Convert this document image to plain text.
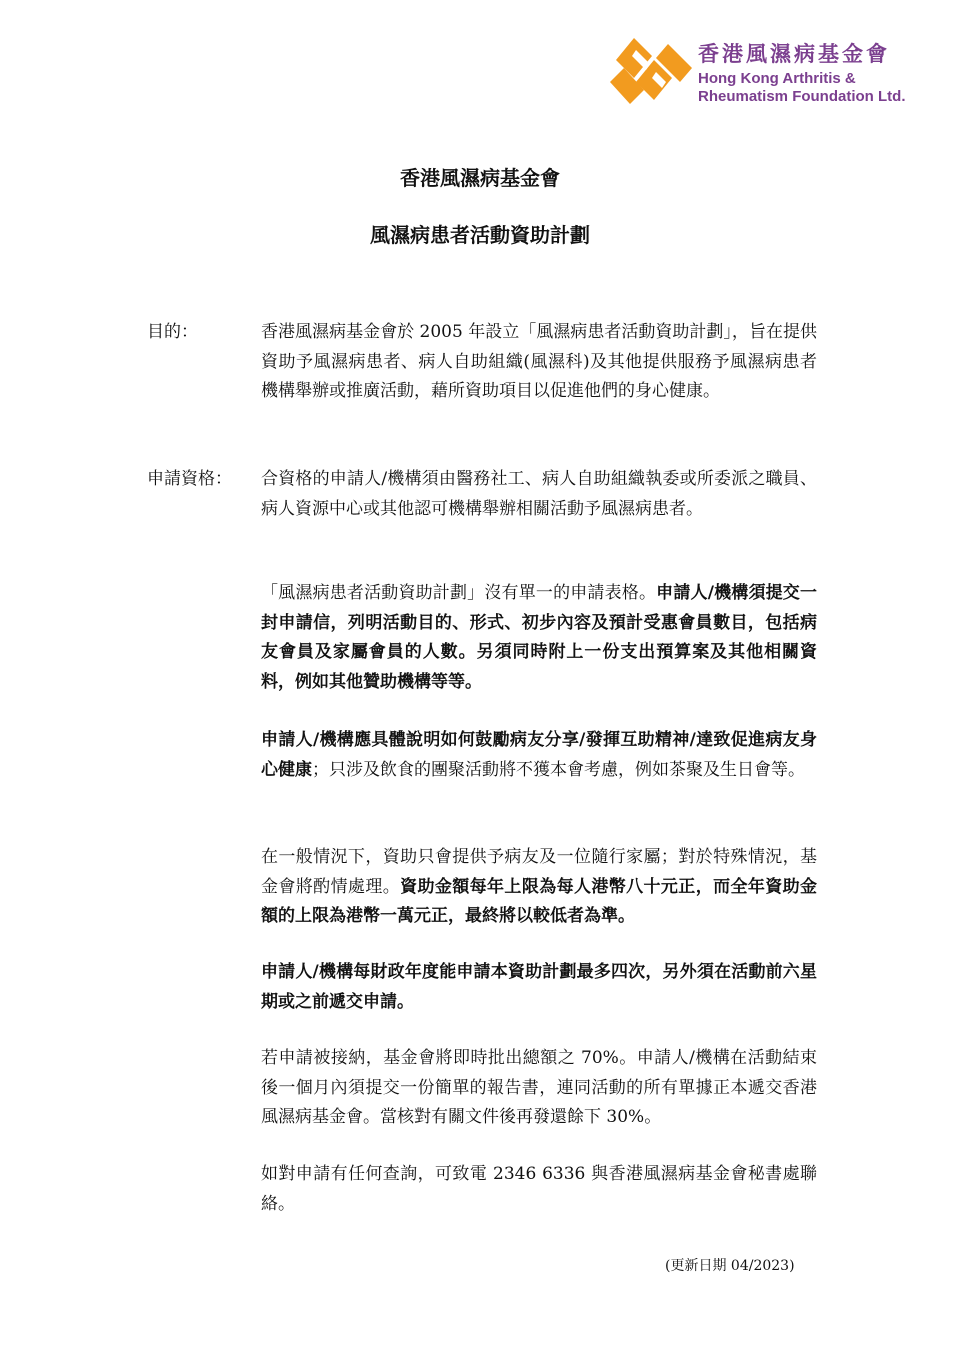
香港風濕病基金會
Hong Kong Arthritis &
Rheumatism Foundation Ltd.
香港風濕病基金會
風濕病患者活動資助計劃
目的：	香港風濕病基金會於 2005 年設立「風濕病患者活動資助計劃」，旨在提供資助予風濕病患者、病人自助組織(風濕科)及其他提供服務予風濕病患者機構舉辦或推廣活動，藉所資助項目以促進他們的身心健康。
申請資格： 合資格的申請人/機構須由醫務社工、病人自助組織執委或所委派之職員、病人資源中心或其他認可機構舉辦相關活動予風濕病患者。
「風濕病患者活動資助計劃」沒有單一的申請表格。申請人/機構須提交一封申請信，列明活動目的、形式、初步內容及預計受惠會員數目，包括病友會員及家屬會員的人數。另須同時附上一份支出預算案及其他相關資料，例如其他贊助機構等等。
申請人/機構應具體說明如何鼓勵病友分享/發揮互助精神/達致促進病友身心健康；只涉及飲食的團聚活動將不獲本會考慮，例如茶聚及生日會等。
在一般情況下，資助只會提供予病友及一位隨行家屬；對於特殊情況，基金會將酌情處理。資助金額每年上限為每人港幣八十元正，而全年資助金額的上限為港幣一萬元正，最終將以較低者為準。
申請人/機構每財政年度能申請本資助計劃最多四次，另外須在活動前六星期或之前遞交申請。
若申請被接納，基金會將即時批出總額之 70%。申請人/機構在活動結束後一個月內須提交一份簡單的報告書，連同活動的所有單據正本遞交香港風濕病基金會。當核對有關文件後再發還餘下 30%。
如對申請有任何查詢，可致電 2346 6336 與香港風濕病基金會秘書處聯絡。
(更新日期 04/2023)
